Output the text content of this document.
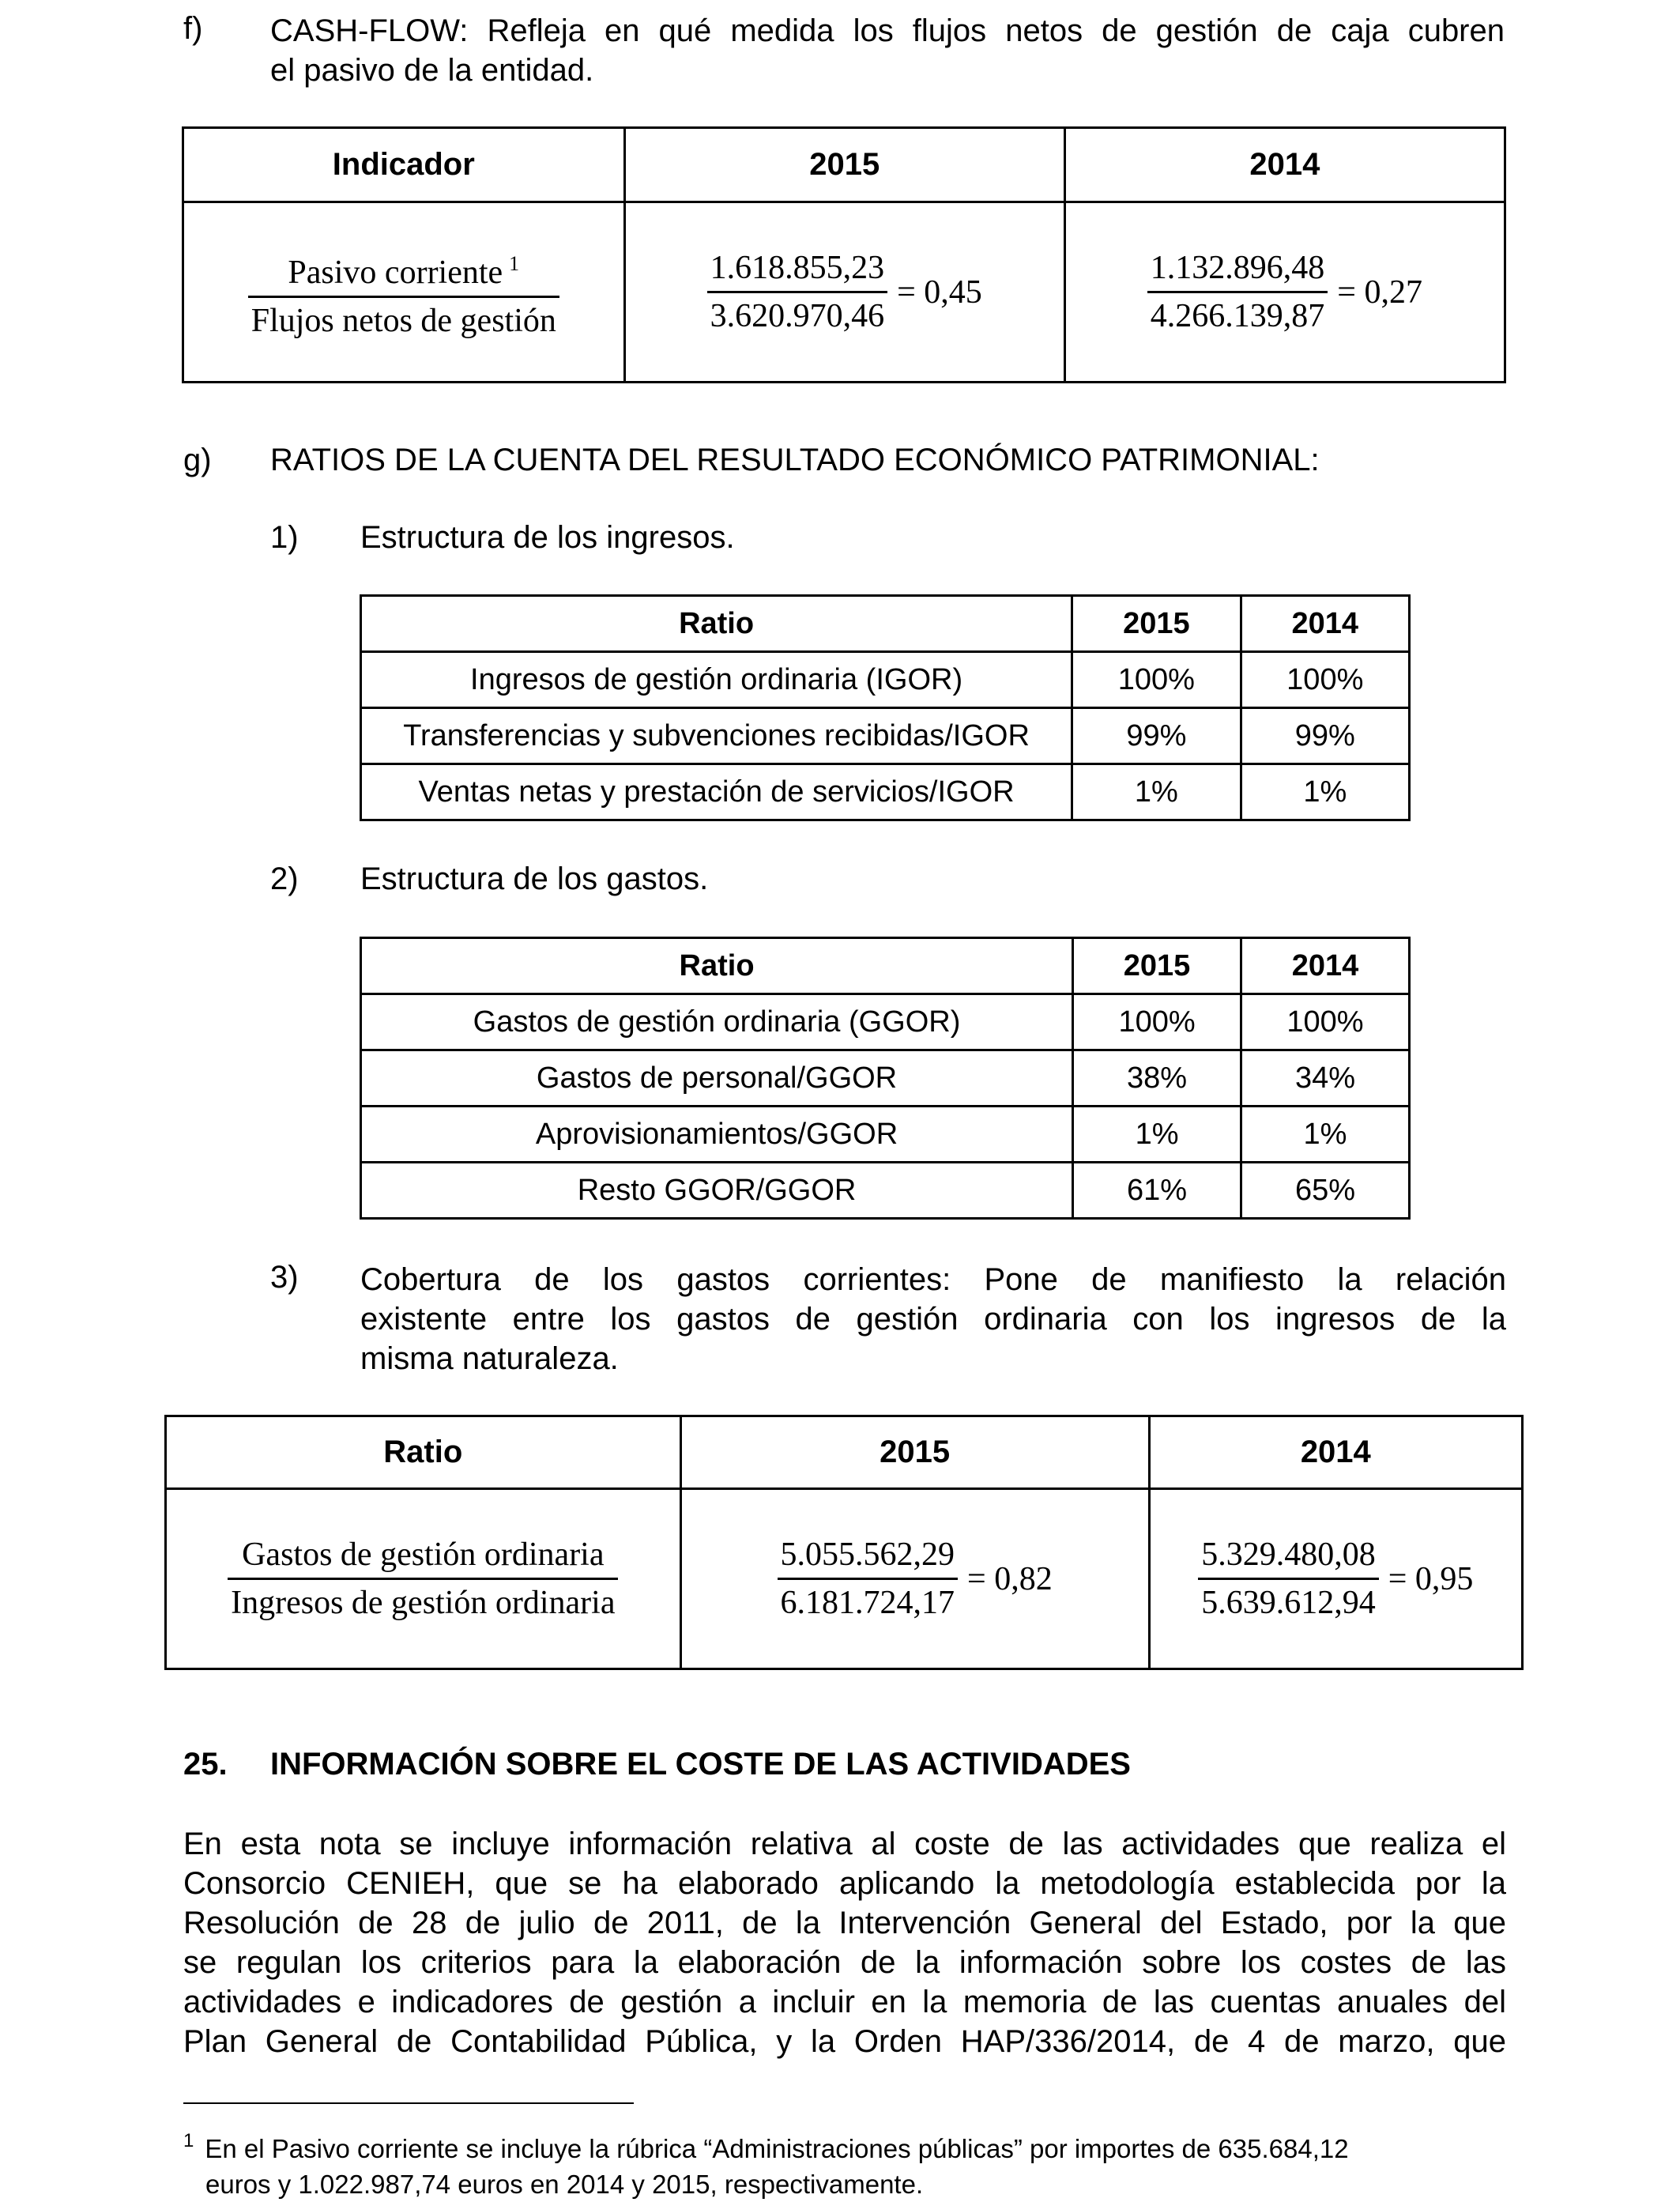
f) CASH-FLOW: Refleja en qué medida los flujos netos de gestión de caja cubren
el pasivo de la entidad.
Indicador	2015	2014

$\frac{Pasivo corriente ^1}{\text{Flujos netos de gestión}}$	$\frac{1.618.855,23}{3.620.970,46} = 0,45$	$\frac{1.132.896,48}{4.266.139,87} = 0,27$
g) RATIOS DE LA CUENTA DEL RESULTADO ECONÓMICO PATRIMONIAL:
1) Estructura de los ingresos.
Ratio	2015	2014
Ingresos de gestión ordinaria (IGOR)	100%	100%
Transferencias y subvenciones recibidas/IGOR	99%	99%
Ventas netas y prestación de servicios/IGOR	1%	1%
2) Estructura de los gastos.
Ratio	2015	2014
Gastos de gestión ordinaria (GGOR)	100%	100%
Gastos de personal/GGOR	38%	34%
Aprovisionamientos/GGOR	1%	1%
Resto GGOR/GGOR	61%	65%
3) Cobertura de los gastos corrientes: Pone de manifiesto la relación
existente entre los gastos de gestión ordinaria con los ingresos de la
misma naturaleza.
Ratio	2015	2014

$\frac{\text{Gastos de gestión ordinaria}}{\text{Ingresos de gestión ordinaria}}$	$\frac{5.055.562,29}{6.181.724,17} = 0,82$	$\frac{5.329.480,08}{5.639.612,94} = 0,95$
25. INFORMACIÓN SOBRE EL COSTE DE LAS ACTIVIDADES
En esta nota se incluye información relativa al coste de las actividades que realiza el
Consorcio CENIEH, que se ha elaborado aplicando la metodología establecida por la
Resolución de 28 de julio de 2011, de la Intervención General del Estado, por la que
se regulan los criterios para la elaboración de la información sobre los costes de las
actividades e indicadores de gestión a incluir en la memoria de las cuentas anuales del
Plan General de Contabilidad Pública, y la Orden HAP/336/2014, de 4 de marzo, que
$^1$ En el Pasivo corriente se incluye la rúbrica “Administraciones públicas” por importes de 635.684,12
euros y 1.022.987,74 euros en 2014 y 2015, respectivamente.
